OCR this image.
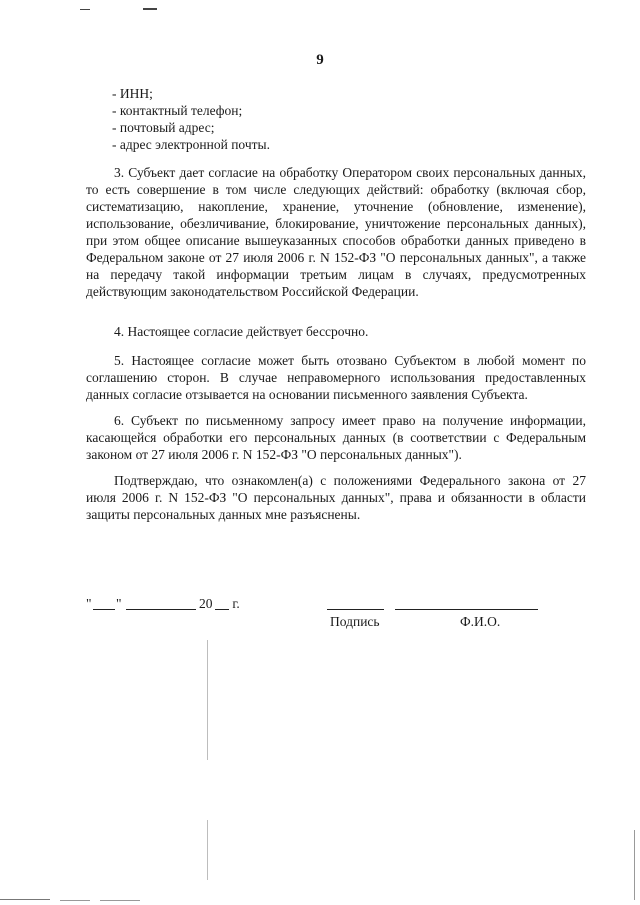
9
- ИНН;
- контактный телефон;
- почтовый адрес;
- адрес электронной почты.

3. Субъект дает согласие на обработку Оператором своих персональных данных, то есть совершение в том числе следующих действий: обработку (включая сбор, систематизацию, накопление, хранение, уточнение (обновление, изменение), использование, обезличивание, блокирование, уничтожение персональных данных), при этом общее описание вышеуказанных способов обработки данных приведено в Федеральном законе от 27 июля 2006 г. N 152-ФЗ "О персональных данных", а также на передачу такой информации третьим лицам в случаях, предусмотренных действующим законодательством Российской Федерации.

4. Настоящее согласие действует бессрочно.

5. Настоящее согласие может быть отозвано Субъектом в любой момент по соглашению сторон. В случае неправомерного использования предоставленных данных согласие отзывается на основании письменного заявления Субъекта.

6. Субъект по письменному запросу имеет право на получение информации, касающейся обработки его персональных данных (в соответствии с Федеральным законом от 27 июля 2006 г. N 152-ФЗ "О персональных данных").

Подтверждаю, что ознакомлен(а) с положениями Федерального закона от 27 июля 2006 г. N 152-ФЗ "О персональных данных", права и обязанности в области защиты персональных данных мне разъяснены.

" "	20 г.
Подпись	Ф.И.О.
